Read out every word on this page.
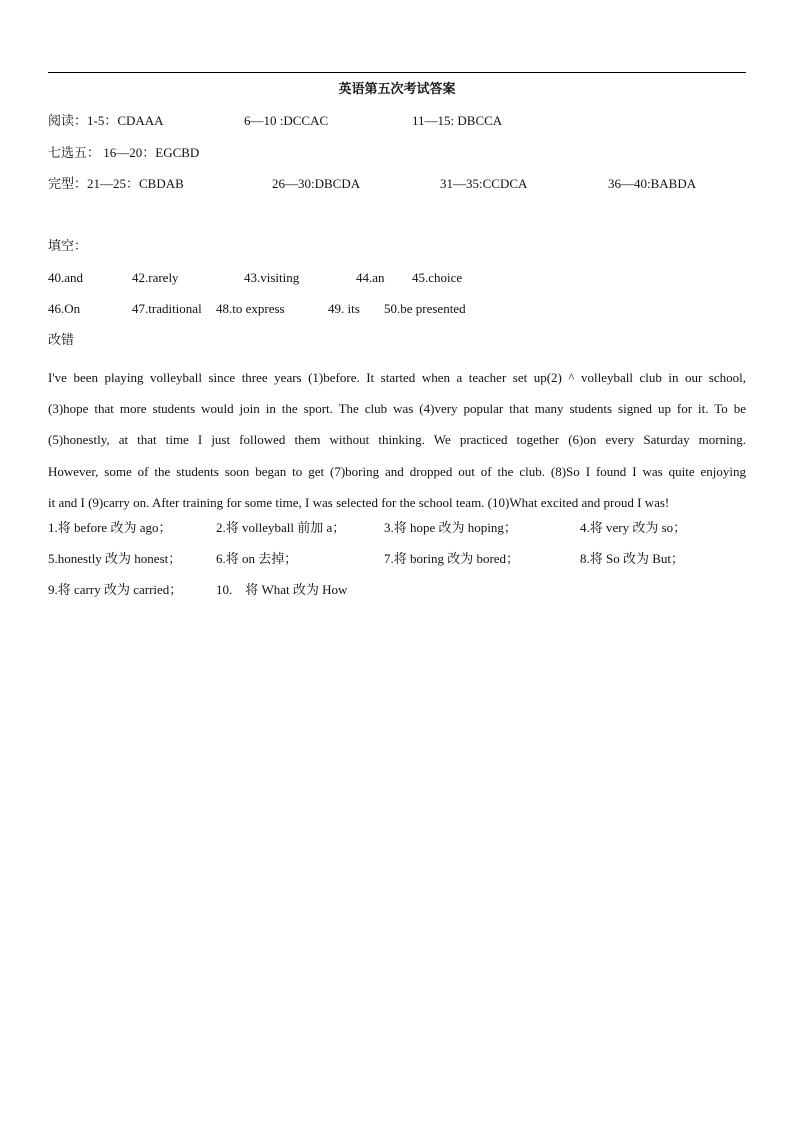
英语第五次考试答案
阅读：1-5：CDAAA	6—10 :DCCAC	11—15: DBCCA
七选五： 16—20：EGCBD
完型：21—25：CBDAB	26—30:DBCDA	31—35:CCDCA	36—40:BABDA
填空：
40.and	42.rarely	43.visiting	44.an 45.choice
46.On	47.traditional 48.to express	49. its 50.be presented
改错
I've been playing volleyball since three years (1)before. It started when a teacher set up(2) ^ volleyball club in our school,
(3)hope that more students would join in the sport. The club was (4)very popular that many students signed up for it. To be
(5)honestly, at that time I just followed them without thinking. We practiced together (6)on every Saturday morning.
However, some of the students soon began to get (7)boring and dropped out of the club. (8)So I found I was quite enjoying
it and I (9)carry on. After training for some time, I was selected for the school team. (10)What excited and proud I was!
1.将 before 改为 ago；	2.将 volleyball 前加 a；	3.将 hope 改为 hoping；	4.将 very 改为 so；
5.honestly 改为 honest；	6.将 on 去掉；	7.将 boring 改为 bored；	8.将 So 改为 But；
9.将 carry 改为 carried；	10.    将 What 改为 How
